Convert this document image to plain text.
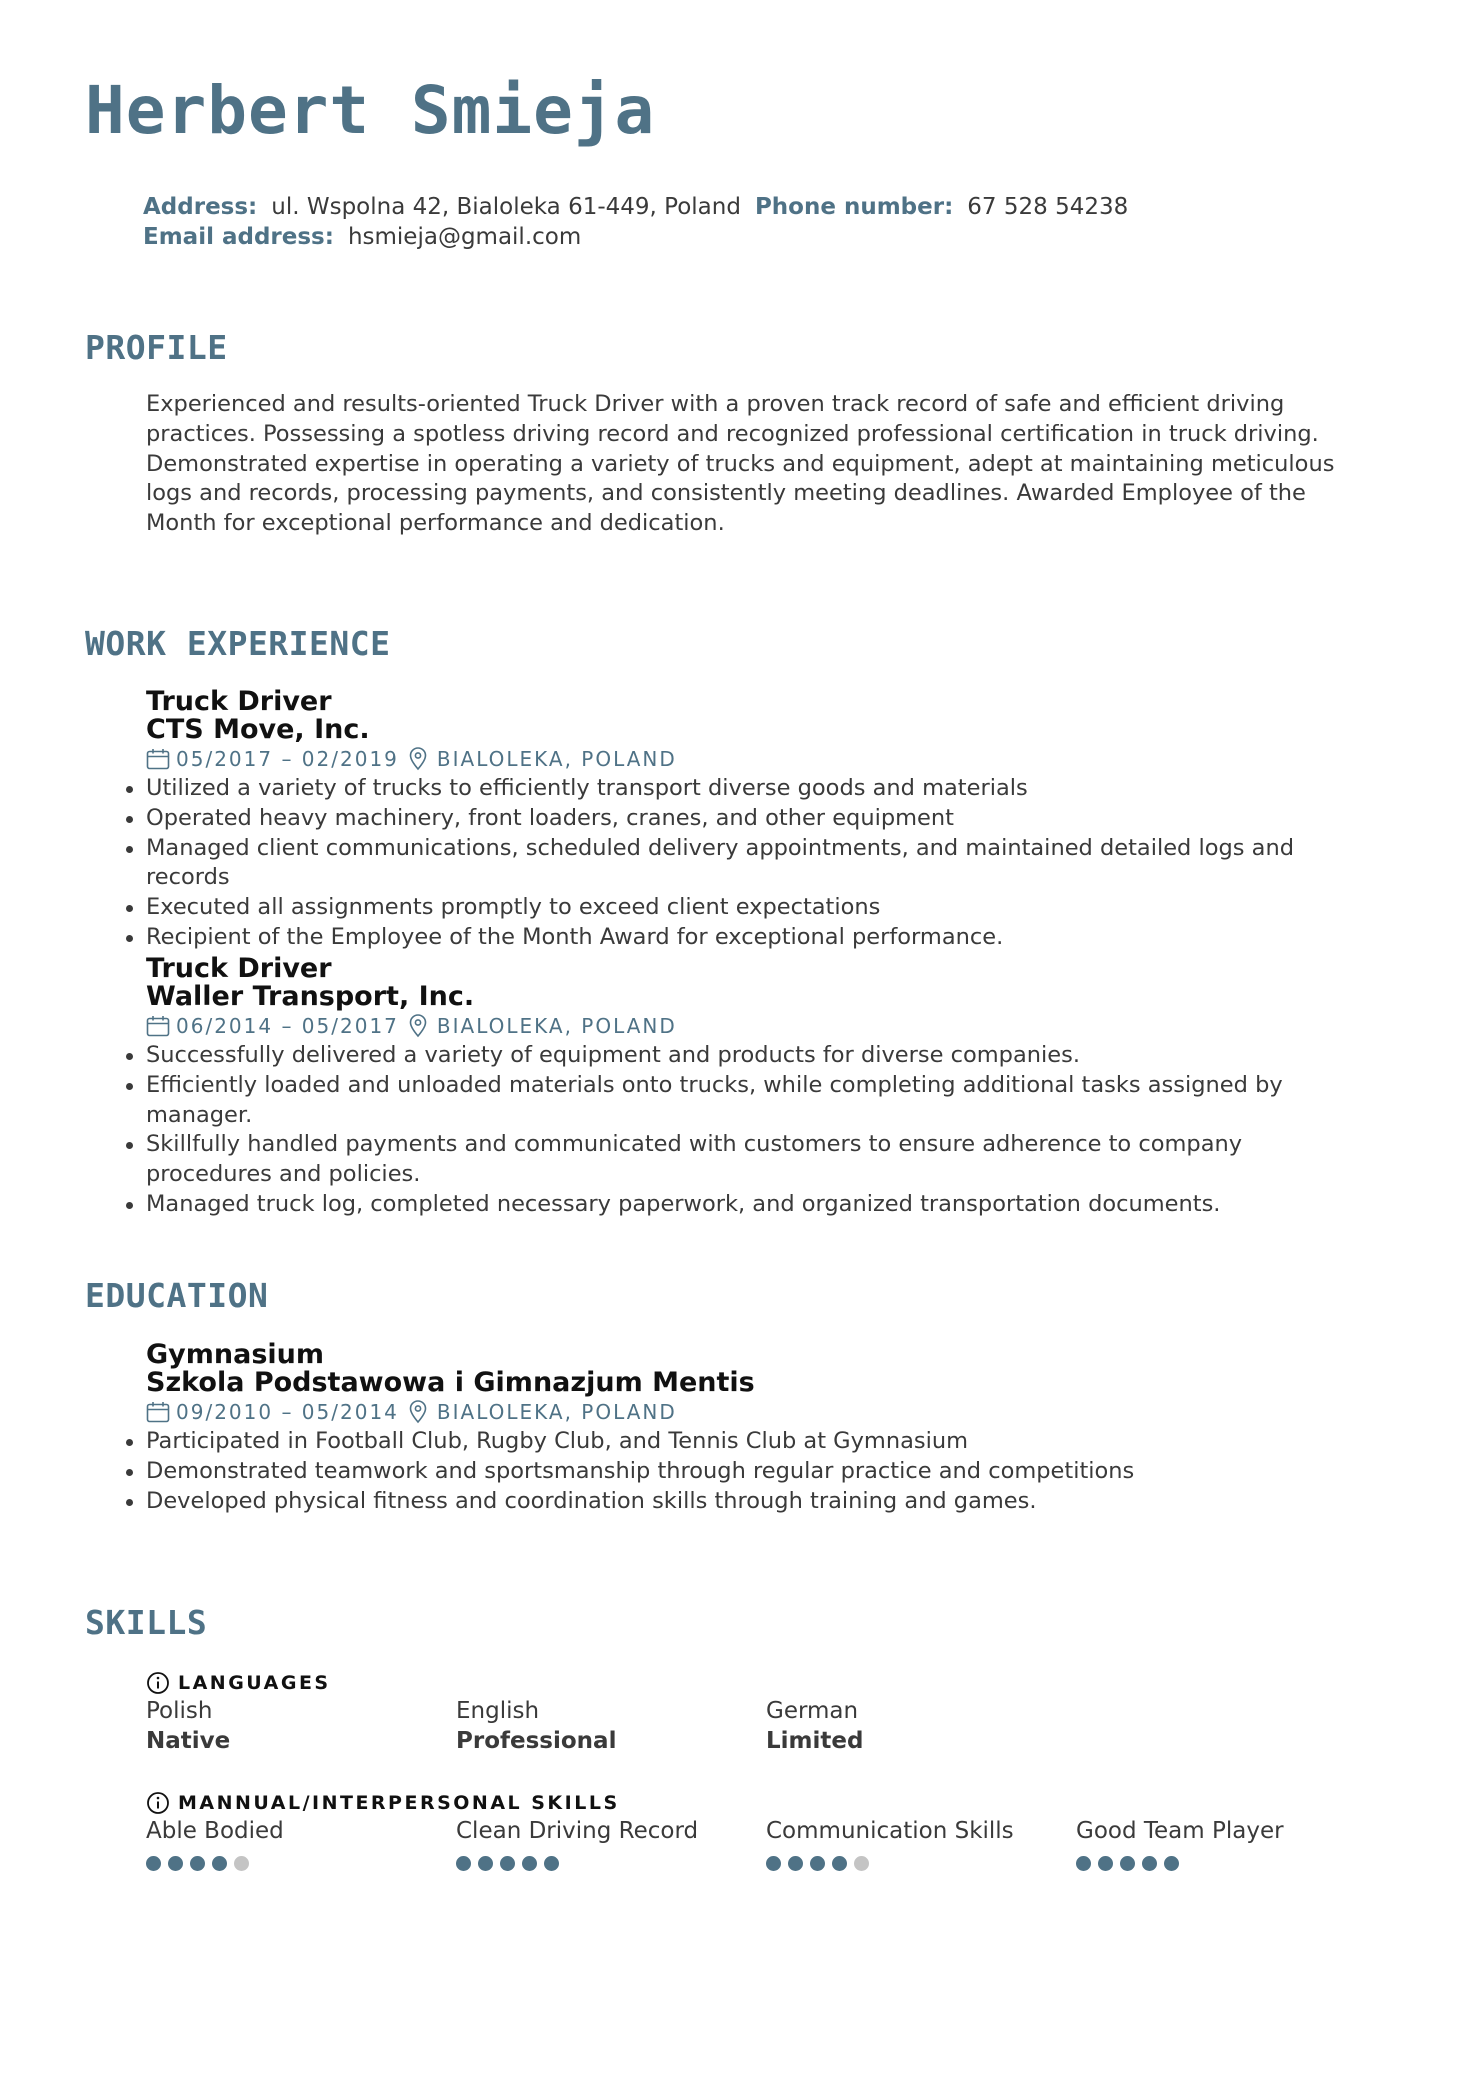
Herbert Smieja
Address: ul. Wspolna 42, Bialoleka 61-449, Poland Phone number: 67 528 54238
Email address: hsmieja@gmail.com
PROFILE

Experienced and results-oriented Truck Driver with a proven track record of safe and efficient driving practices. Possessing a spotless driving record and recognized professional certification in truck driving. Demonstrated expertise in operating a variety of trucks and equipment, adept at maintaining meticulous logs and records, processing payments, and consistently meeting deadlines. Awarded Employee of the Month for exceptional performance and dedication.

WORK EXPERIENCE
Truck Driver
CTS Move, Inc.
05/2017 – 02/2019 BIALOLEKA, POLAND
Utilized a variety of trucks to efficiently transport diverse goods and materials
Operated heavy machinery, front loaders, cranes, and other equipment
Managed client communications, scheduled delivery appointments, and maintained detailed logs and records
Executed all assignments promptly to exceed client expectations
Recipient of the Employee of the Month Award for exceptional performance.
Truck Driver
Waller Transport, Inc.
06/2014 – 05/2017 BIALOLEKA, POLAND
Successfully delivered a variety of equipment and products for diverse companies.
Efficiently loaded and unloaded materials onto trucks, while completing additional tasks assigned by manager.
Skillfully handled payments and communicated with customers to ensure adherence to company procedures and policies.
Managed truck log, completed necessary paperwork, and organized transportation documents.
EDUCATION
Gymnasium
Szkola Podstawowa i Gimnazjum Mentis
09/2010 – 05/2014 BIALOLEKA, POLAND
Participated in Football Club, Rugby Club, and Tennis Club at Gymnasium
Demonstrated teamwork and sportsmanship through regular practice and competitions
Developed physical fitness and coordination skills through training and games.
SKILLS
LANGUAGES
Polish
Native
English
Professional
German
Limited
MANNUAL/INTERPERSONAL SKILLS
Able Bodied	Clean Driving Record	Communication Skills	Good Team Player
